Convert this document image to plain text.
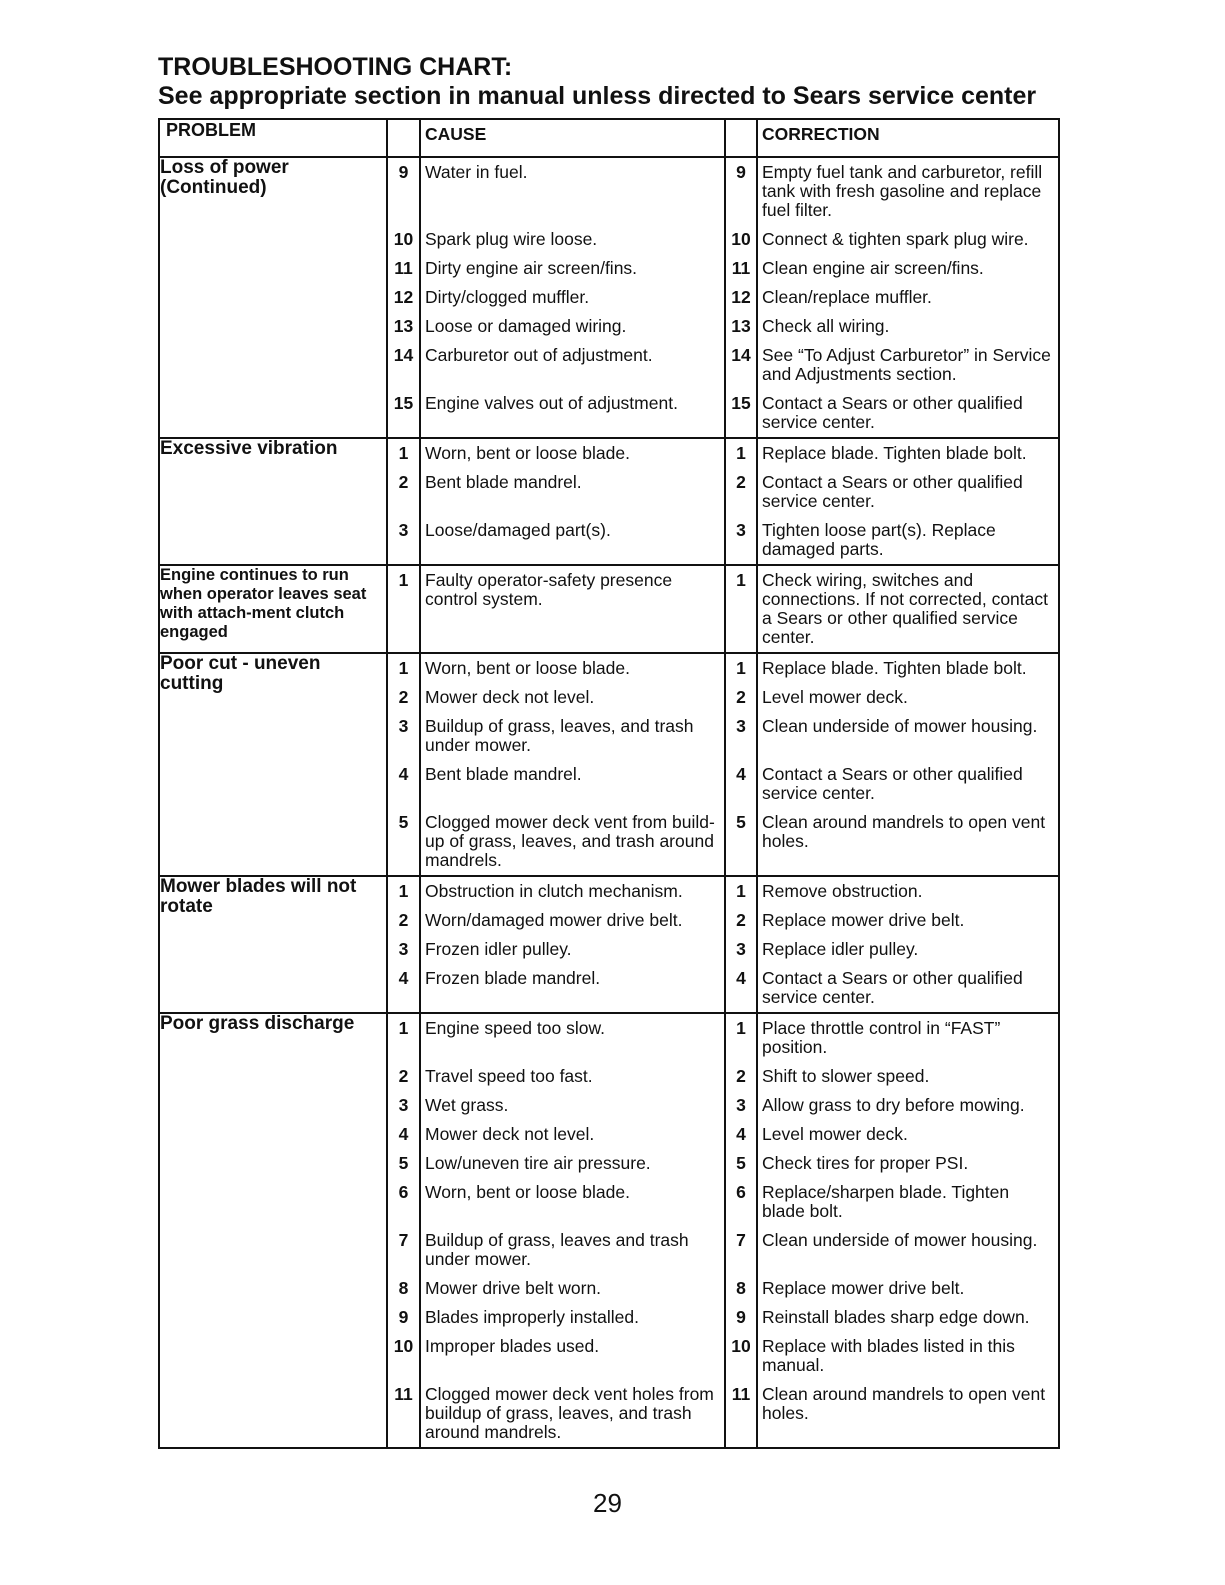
TROUBLESHOOTING CHART:
See appropriate section in manual unless directed to Sears service center
PROBLEM	
		CAUSE		CORRECTION

Loss of power (Continued)	
9	Water in fuel.	9	Empty fuel tank and carburetor, refill tank with fresh gasoline and replace fuel filter.
10	Spark plug wire loose.	10	Connect & tighten spark plug wire.
11	Dirty engine air screen/fins.	11	Clean engine air screen/fins.
12	Dirty/clogged muffler.	12	Clean/replace muffler.
13	Loose or damaged wiring.	13	Check all wiring.
14	Carburetor out of adjustment.	14	See “To Adjust Carburetor” in Service and Adjustments section.
15	Engine valves out of adjustment.	15	Contact a Sears or other qualified service center.

Excessive vibration		1	Worn, bent or loose blade.	1	Replace blade. Tighten blade bolt.
2	Bent blade mandrel.	2	Contact a Sears or other qualified service center.
3	Loose/damaged part(s).	3	Tighten loose part(s). Replace damaged parts.

Engine continues to run when operator leaves seat with attach-ment clutch engaged	
1	Faulty operator-safety presence control system.	1	Check wiring, switches and connections. If not corrected, contact a Sears or other qualified service center.

Poor cut - uneven cutting	
1	Worn, bent or loose blade.	1	Replace blade. Tighten blade bolt.
2	Mower deck not level.	2	Level mower deck.
3	Buildup of grass, leaves, and trash under mower.	3	Clean underside of mower housing.
4	Bent blade mandrel.	4	Contact a Sears or other qualified service center.
5	Clogged mower deck vent from build-up of grass, leaves, and trash around mandrels.	5	Clean around mandrels to open vent holes.

Mower blades will not rotate	
1	Obstruction in clutch mechanism.	1	Remove obstruction.
2	Worn/damaged mower drive belt.	2	Replace mower drive belt.
3	Frozen idler pulley.	3	Replace idler pulley.
4	Frozen blade mandrel.	4	Contact a Sears or other qualified service center.

Poor grass discharge		1	Engine speed too slow.	1	Place throttle control in “FAST” position.
2	Travel speed too fast.	2	Shift to slower speed.
3	Wet grass.	3	Allow grass to dry before mowing.
4	Mower deck not level.	4	Level mower deck.
5	Low/uneven tire air pressure.	5	Check tires for proper PSI.
6	Worn, bent or loose blade.	6	Replace/sharpen blade. Tighten blade bolt.
7	Buildup of grass, leaves and trash under mower.	7	Clean underside of mower housing.
8	Mower drive belt worn.	8	Replace mower drive belt.
9	Blades improperly installed.	9	Reinstall blades sharp edge down.
10	Improper blades used.	10	Replace with blades listed in this manual.
11	Clogged mower deck vent holes from buildup of grass, leaves, and trash around mandrels.	11	Clean around mandrels to open vent holes.
29
